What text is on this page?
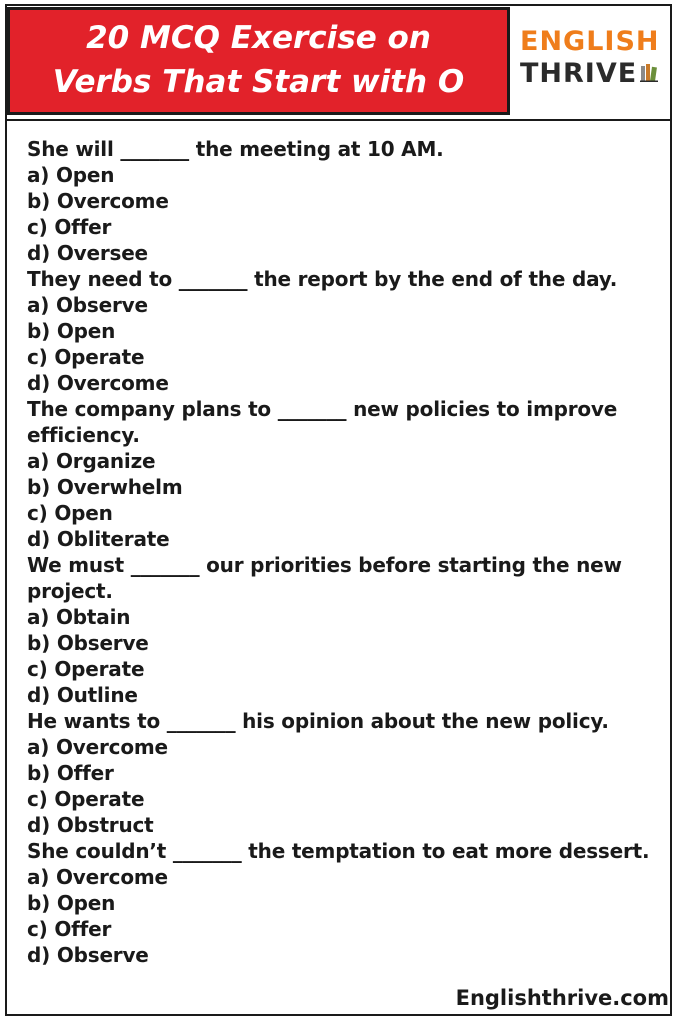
20 MCQ Exercise on
Verbs That Start with O
ENGLISH
THRIVE
She will _______ the meeting at 10 AM.
a) Open
b) Overcome
c) Offer
d) Oversee
They need to _______ the report by the end of the day.
a) Observe
b) Open
c) Operate
d) Overcome
The company plans to _______ new policies to improve efficiency.
a) Organize
b) Overwhelm
c) Open
d) Obliterate
We must _______ our priorities before starting the new project.
a) Obtain
b) Observe
c) Operate
d) Outline
He wants to _______ his opinion about the new policy.
a) Overcome
b) Offer
c) Operate
d) Obstruct
She couldn’t _______ the temptation to eat more dessert.
a) Overcome
b) Open
c) Offer
d) Observe
Englishthrive.com
